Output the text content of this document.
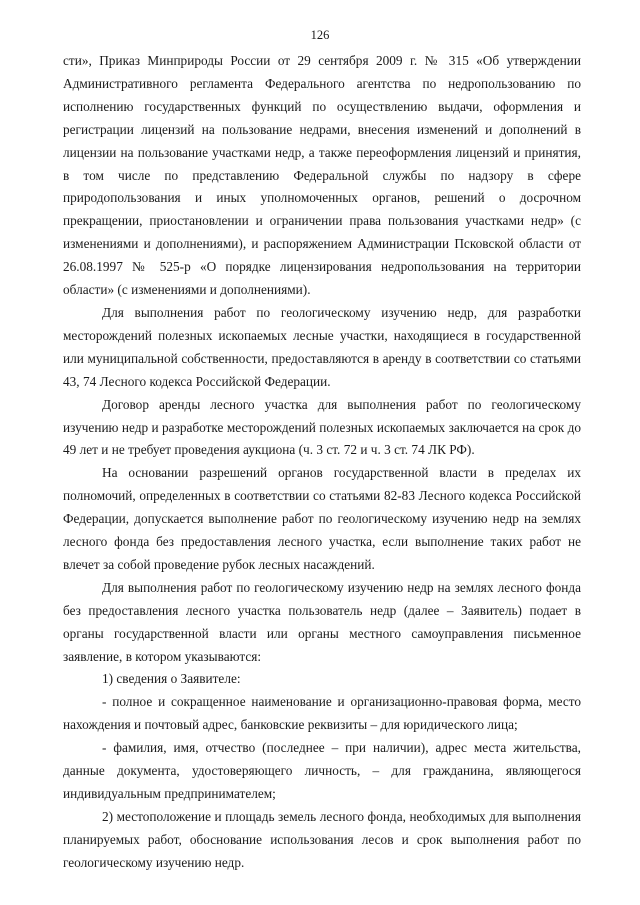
126

сти», Приказ Минприроды России от 29 сентября 2009 г. № 315 «Об утверждении Административного регламента Федерального агентства по недропользованию по исполнению государственных функций по осуществлению выдачи, оформления и регистрации лицензий на пользование недрами, внесения изменений и дополнений в лицензии на пользование участками недр, а также переоформления лицензий и принятия, в том числе по представлению Федеральной службы по надзору в сфере природопользования и иных уполномоченных органов, решений о досрочном прекращении, приостановлении и ограничении права пользования участками недр» (с изменениями и дополнениями), и распоряжением Администрации Псковской области от 26.08.1997 № 525-р «О порядке лицензирования недропользования на территории области» (с изменениями и дополнениями).

Для выполнения работ по геологическому изучению недр, для разработки месторождений полезных ископаемых лесные участки, находящиеся в государственной или муниципальной собственности, предоставляются в аренду в соответствии со статьями 43, 74 Лесного кодекса Российской Федерации.

Договор аренды лесного участка для выполнения работ по геологическому изучению недр и разработке месторождений полезных ископаемых заключается на срок до 49 лет и не требует проведения аукциона (ч. 3 ст. 72 и ч. 3 ст. 74 ЛК РФ).

На основании разрешений органов государственной власти в пределах их полномочий, определенных в соответствии со статьями 82-83 Лесного кодекса Российской Федерации, допускается выполнение работ по геологическому изучению недр на землях лесного фонда без предоставления лесного участка, если выполнение таких работ не влечет за собой проведение рубок лесных насаждений.

Для выполнения работ по геологическому изучению недр на землях лесного фонда без предоставления лесного участка пользователь недр (далее – Заявитель) подает в органы государственной власти или органы местного самоуправления письменное заявление, в котором указываются:

1) сведения о Заявителе:

- полное и сокращенное наименование и организационно-правовая форма, место нахождения и почтовый адрес, банковские реквизиты – для юридического лица;

- фамилия, имя, отчество (последнее – при наличии), адрес места жительства, данные документа, удостоверяющего личность, – для гражданина, являющегося индивидуальным предпринимателем;

2) местоположение и площадь земель лесного фонда, необходимых для выполнения планируемых работ, обоснование использования лесов и срок выполнения работ по геологическому изучению недр.
